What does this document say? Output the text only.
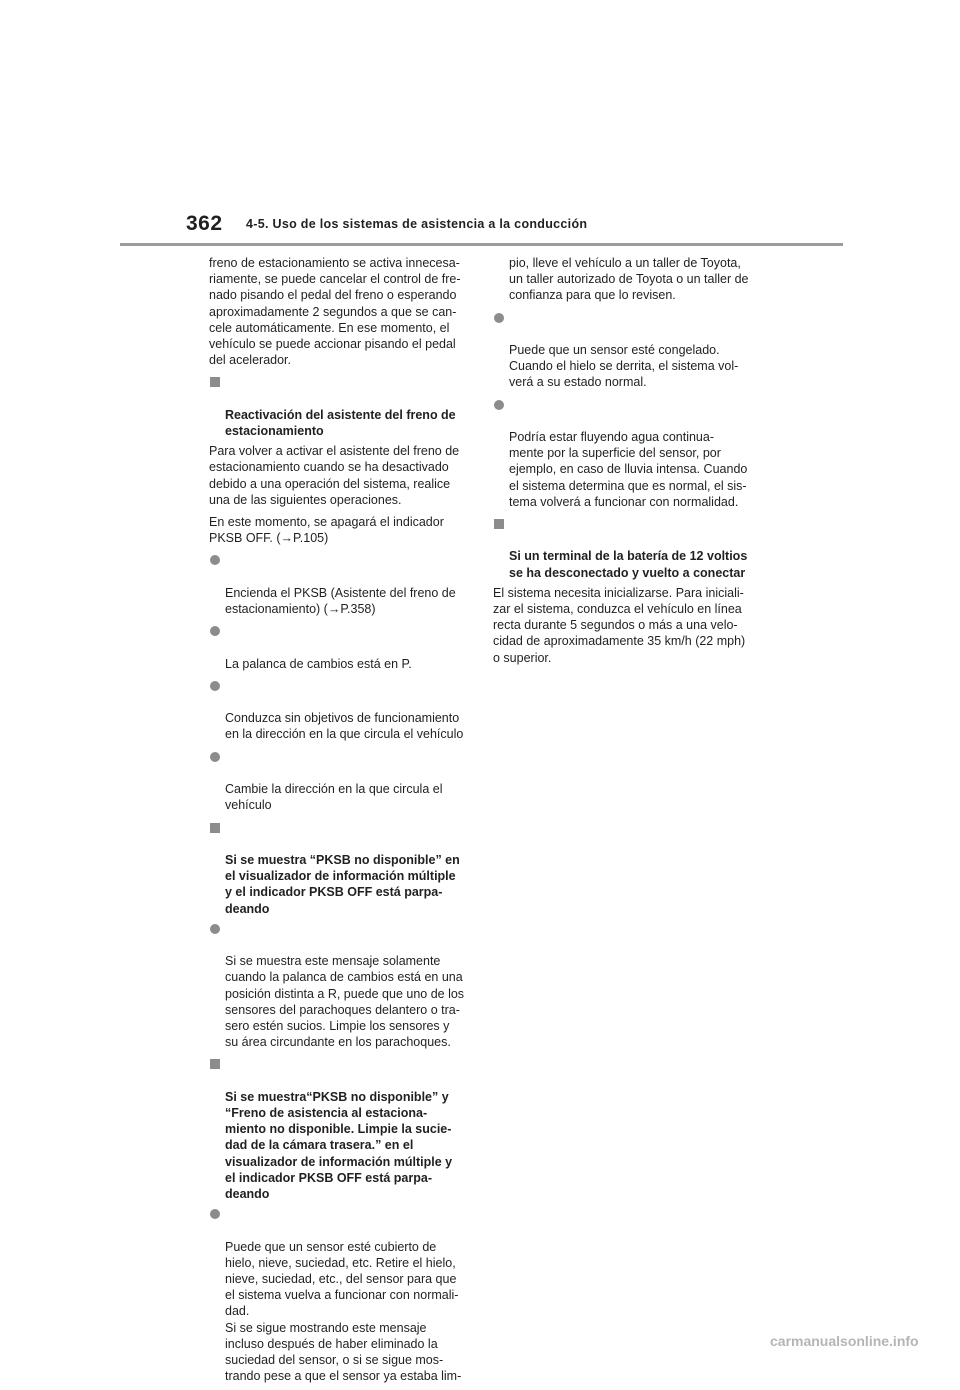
362 4-5. Uso de los sistemas de asistencia a la conducción

freno de estacionamiento se activa innecesa-
riamente, se puede cancelar el control de fre-
nado pisando el pedal del freno o esperando
aproximadamente 2 segundos a que se can-
cele automáticamente. En ese momento, el
vehículo se puede accionar pisando el pedal
del acelerador.

Reactivación del asistente del freno de
estacionamiento

Para volver a activar el asistente del freno de
estacionamiento cuando se ha desactivado
debido a una operación del sistema, realice
una de las siguientes operaciones.

En este momento, se apagará el indicador
PKSB OFF. (→P.105)

Encienda el PKSB (Asistente del freno de
estacionamiento) (→P.358)

La palanca de cambios está en P.

Conduzca sin objetivos de funcionamiento
en la dirección en la que circula el vehículo

Cambie la dirección en la que circula el
vehículo

Si se muestra “PKSB no disponible” en
el visualizador de información múltiple
y el indicador PKSB OFF está parpa-
deando

Si se muestra este mensaje solamente
cuando la palanca de cambios está en una
posición distinta a R, puede que uno de los
sensores del parachoques delantero o tra-
sero estén sucios. Limpie los sensores y
su área circundante en los parachoques.

Si se muestra“PKSB no disponible” y
“Freno de asistencia al estaciona-
miento no disponible. Limpie la sucie-
dad de la cámara trasera.” en el
visualizador de información múltiple y
el indicador PKSB OFF está parpa-
deando

Puede que un sensor esté cubierto de
hielo, nieve, suciedad, etc. Retire el hielo,
nieve, suciedad, etc., del sensor para que
el sistema vuelva a funcionar con normali-
dad.
Si se sigue mostrando este mensaje
incluso después de haber eliminado la
suciedad del sensor, o si se sigue mos-
trando pese a que el sensor ya estaba lim-

pio, lleve el vehículo a un taller de Toyota,
un taller autorizado de Toyota o un taller de
confianza para que lo revisen.

Puede que un sensor esté congelado.
Cuando el hielo se derrita, el sistema vol-
verá a su estado normal.

Podría estar fluyendo agua continua-
mente por la superficie del sensor, por
ejemplo, en caso de lluvia intensa. Cuando
el sistema determina que es normal, el sis-
tema volverá a funcionar con normalidad.

Si un terminal de la batería de 12 voltios
se ha desconectado y vuelto a conectar

El sistema necesita inicializarse. Para iniciali-
zar el sistema, conduzca el vehículo en línea
recta durante 5 segundos o más a una velo-
cidad de aproximadamente 35 km/h (22 mph)
o superior.

carmanualsonline.info
